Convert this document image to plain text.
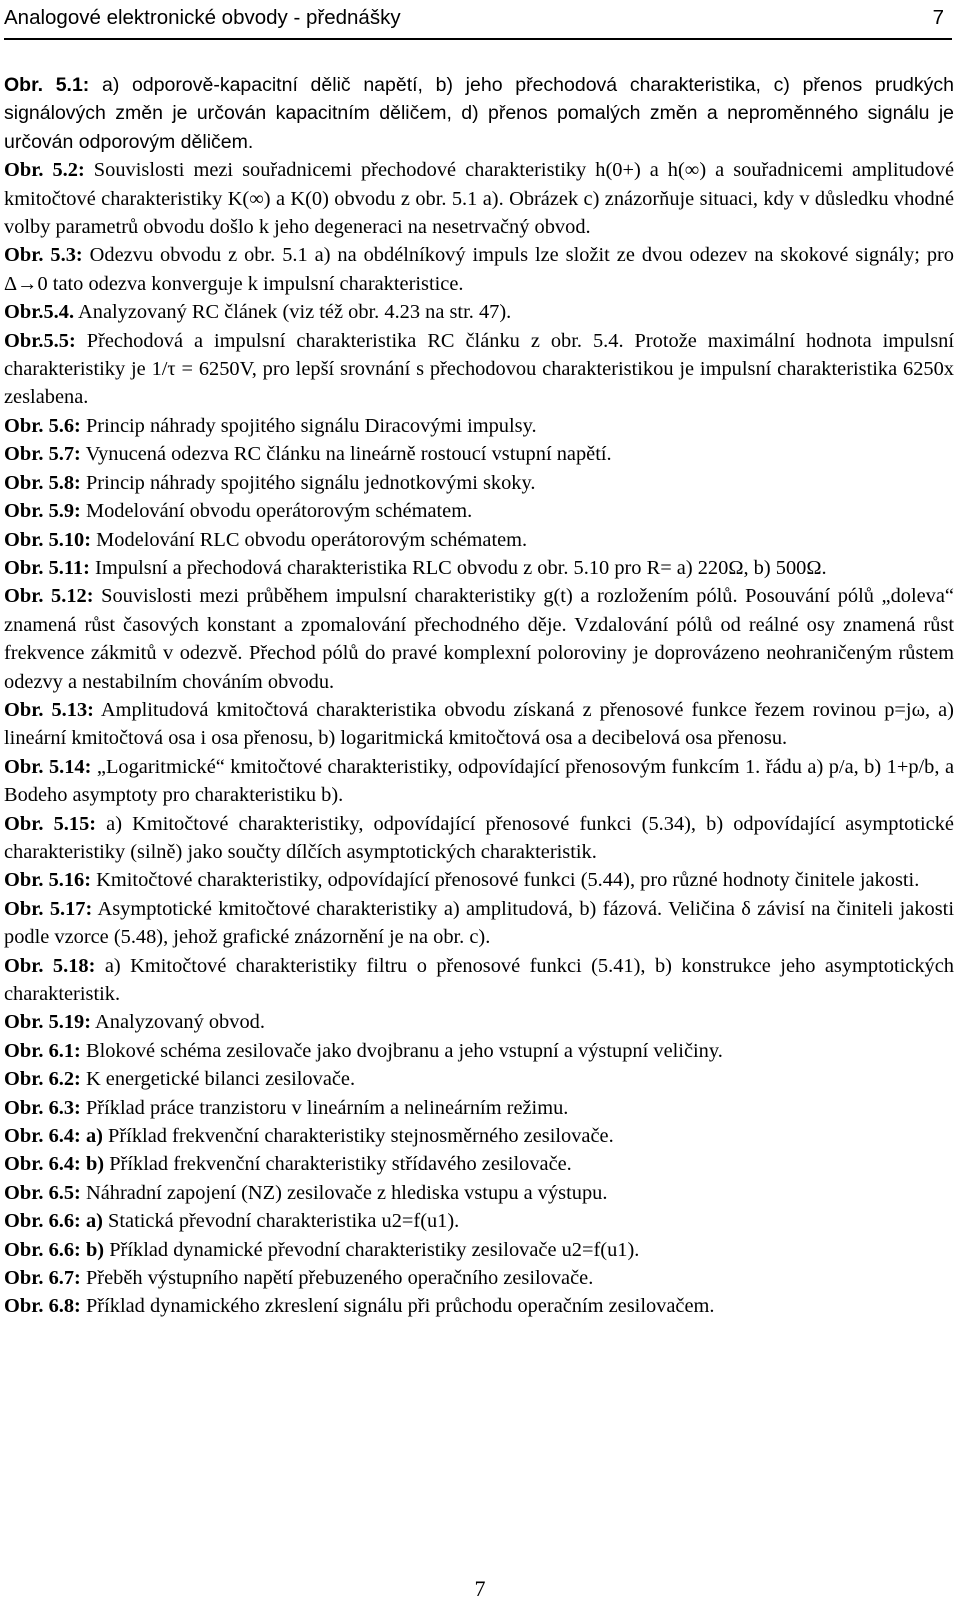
Analogové elektronické obvody - přednášky	7

Obr. 5.1: a) odporově-kapacitní dělič napětí, b) jeho přechodová charakteristika, c) přenos prudkých signálových změn je určován kapacitním děličem, d) přenos pomalých změn a neproměnného signálu je určován odporovým děličem.

Obr. 5.2: Souvislosti mezi souřadnicemi přechodové charakteristiky h(0+) a h(∞) a souřadnicemi amplitudové kmitočtové charakteristiky K(∞) a K(0) obvodu z obr. 5.1 a). Obrázek c) znázorňuje situaci, kdy v důsledku vhodné volby parametrů obvodu došlo k jeho degeneraci na nesetrvačný obvod.

Obr. 5.3: Odezvu obvodu z obr. 5.1 a) na obdélníkový impuls lze složit ze dvou odezev na skokové signály; pro Δ→0 tato odezva konverguje k impulsní charakteristice.

Obr.5.4. Analyzovaný RC článek (viz též obr. 4.23 na str. 47).

Obr.5.5: Přechodová a impulsní charakteristika RC článku z obr. 5.4. Protože maximální hodnota impulsní charakteristiky je 1/τ = 6250V, pro lepší srovnání s přechodovou charakteristikou je impulsní charakteristika 6250x zeslabena.

Obr. 5.6: Princip náhrady spojitého signálu Diracovými impulsy.

Obr. 5.7: Vynucená odezva RC článku na lineárně rostoucí vstupní napětí.

Obr. 5.8: Princip náhrady spojitého signálu jednotkovými skoky.

Obr. 5.9: Modelování obvodu operátorovým schématem.

Obr. 5.10: Modelování RLC obvodu operátorovým schématem.

Obr. 5.11: Impulsní a přechodová charakteristika RLC obvodu z obr. 5.10 pro R= a) 220Ω, b) 500Ω.

Obr. 5.12: Souvislosti mezi průběhem impulsní charakteristiky g(t) a rozložením pólů. Posouvání pólů „doleva“ znamená růst časových konstant a zpomalování přechodného děje. Vzdalování pólů od reálné osy znamená růst frekvence zákmitů v odezvě. Přechod pólů do pravé komplexní poloroviny je doprovázeno neohraničeným růstem odezvy a nestabilním chováním obvodu.

Obr. 5.13: Amplitudová kmitočtová charakteristika obvodu získaná z přenosové funkce řezem rovinou p=jω, a) lineární kmitočtová osa i osa přenosu, b) logaritmická kmitočtová osa a decibelová osa přenosu.

Obr. 5.14: „Logaritmické“ kmitočtové charakteristiky, odpovídající přenosovým funkcím 1. řádu a) p/a, b) 1+p/b, a Bodeho asymptoty pro charakteristiku b).

Obr. 5.15: a) Kmitočtové charakteristiky, odpovídající přenosové funkci (5.34), b) odpovídající asymptotické charakteristiky (silně) jako součty dílčích asymptotických charakteristik.

Obr. 5.16: Kmitočtové charakteristiky, odpovídající přenosové funkci (5.44), pro různé hodnoty činitele jakosti.

Obr. 5.17: Asymptotické kmitočtové charakteristiky a) amplitudová, b) fázová. Veličina δ závisí na činiteli jakosti podle vzorce (5.48), jehož grafické znázornění je na obr. c).

Obr. 5.18: a) Kmitočtové charakteristiky filtru o přenosové funkci (5.41), b) konstrukce jeho asymptotických charakteristik.

Obr. 5.19: Analyzovaný obvod.

Obr. 6.1: Blokové schéma zesilovače jako dvojbranu a jeho vstupní a výstupní veličiny.

Obr. 6.2: K energetické bilanci zesilovače.

Obr. 6.3: Příklad práce tranzistoru v lineárním a nelineárním režimu.

Obr. 6.4: a) Příklad frekvenční charakteristiky stejnosměrného zesilovače.

Obr. 6.4: b) Příklad frekvenční charakteristiky střídavého zesilovače.

Obr. 6.5: Náhradní zapojení (NZ) zesilovače z hlediska vstupu a výstupu.

Obr. 6.6: a) Statická převodní charakteristika u2=f(u1).

Obr. 6.6: b) Příklad dynamické převodní charakteristiky zesilovače u2=f(u1).

Obr. 6.7: Přeběh výstupního napětí přebuzeného operačního zesilovače.

Obr. 6.8: Příklad dynamického zkreslení signálu při průchodu operačním zesilovačem.

7
